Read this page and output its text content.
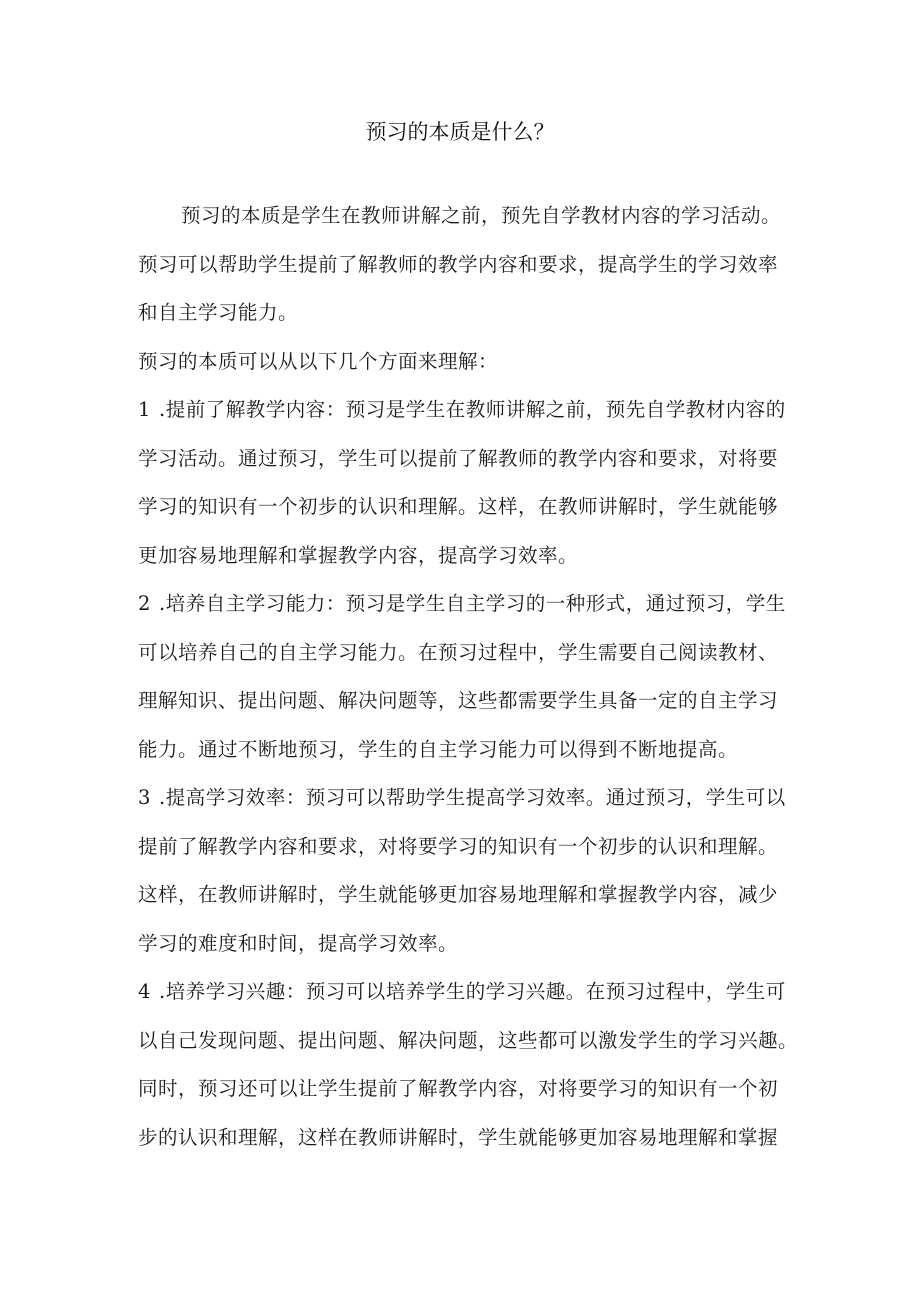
预习的本质是什么？
预习的本质是学生在教师讲解之前，预先自学教材内容的学习活动。
预习可以帮助学生提前了解教师的教学内容和要求，提高学生的学习效率
和自主学习能力。
预习的本质可以从以下几个方面来理解：
1 .提前了解教学内容：预习是学生在教师讲解之前，预先自学教材内容的
学习活动。通过预习，学生可以提前了解教师的教学内容和要求，对将要
学习的知识有一个初步的认识和理解。这样，在教师讲解时，学生就能够
更加容易地理解和掌握教学内容，提高学习效率。
2 .培养自主学习能力：预习是学生自主学习的一种形式，通过预习，学生
可以培养自己的自主学习能力。在预习过程中，学生需要自己阅读教材、
理解知识、提出问题、解决问题等，这些都需要学生具备一定的自主学习
能力。通过不断地预习，学生的自主学习能力可以得到不断地提高。
3 .提高学习效率：预习可以帮助学生提高学习效率。通过预习，学生可以
提前了解教学内容和要求，对将要学习的知识有一个初步的认识和理解。
这样，在教师讲解时，学生就能够更加容易地理解和掌握教学内容，减少
学习的难度和时间，提高学习效率。
4 .培养学习兴趣：预习可以培养学生的学习兴趣。在预习过程中，学生可
以自己发现问题、提出问题、解决问题，这些都可以激发学生的学习兴趣。
同时，预习还可以让学生提前了解教学内容，对将要学习的知识有一个初
步的认识和理解，这样在教师讲解时，学生就能够更加容易地理解和掌握
